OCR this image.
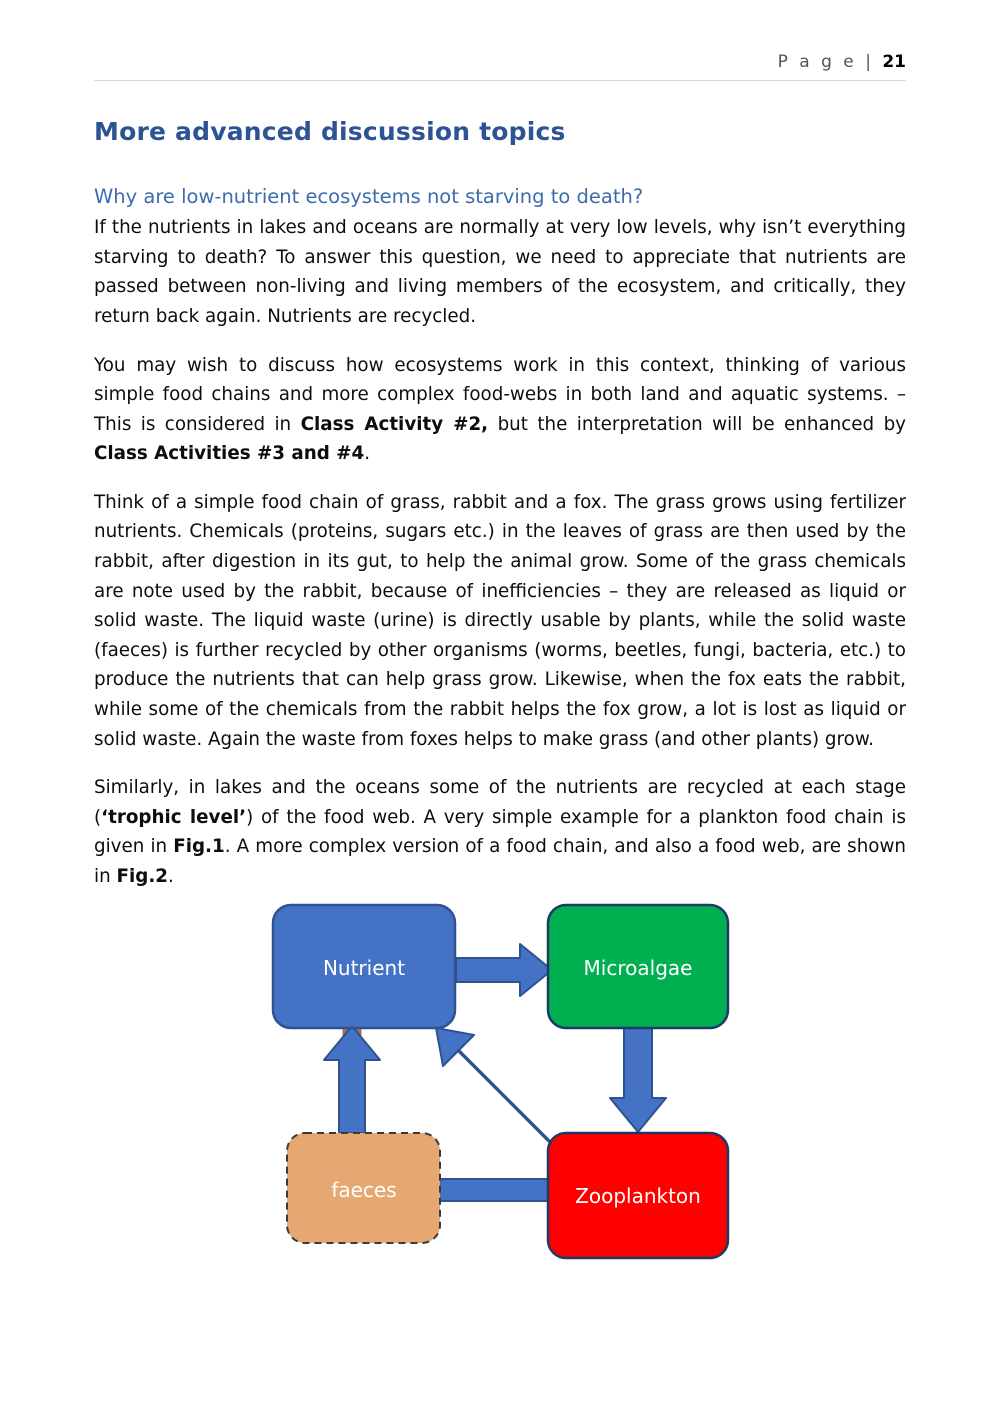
P a g e | 21
More advanced discussion topics
Why are low-nutrient ecosystems not starving to death?

If the nutrients in lakes and oceans are normally at very low levels, why isn’t everything starving to death? To answer this question, we need to appreciate that nutrients are passed between non-living and living members of the ecosystem, and critically, they return back again. Nutrients are recycled.

You may wish to discuss how ecosystems work in this context, thinking of various simple food chains and more complex food-webs in both land and aquatic systems. – This is considered in Class Activity #2, but the interpretation will be enhanced by Class Activities #3 and #4.

Think of a simple food chain of grass, rabbit and a fox. The grass grows using fertilizer nutrients. Chemicals (proteins, sugars etc.) in the leaves of grass are then used by the rabbit, after digestion in its gut, to help the animal grow. Some of the grass chemicals are note used by the rabbit, because of inefficiencies – they are released as liquid or solid waste. The liquid waste (urine) is directly usable by plants, while the solid waste (faeces) is further recycled by other organisms (worms, beetles, fungi, bacteria, etc.) to produce the nutrients that can help grass grow. Likewise, when the fox eats the rabbit, while some of the chemicals from the rabbit helps the fox grow, a lot is lost as liquid or solid waste. Again the waste from foxes helps to make grass (and other plants) grow.

Similarly, in lakes and the oceans some of the nutrients are recycled at each stage (‘trophic level’) of the food web. A very simple example for a plankton food chain is given in Fig.1. A more complex version of a food chain, and also a food web, are shown in Fig.2.

Nutrient	Microalgae
faeces	Zooplankton
